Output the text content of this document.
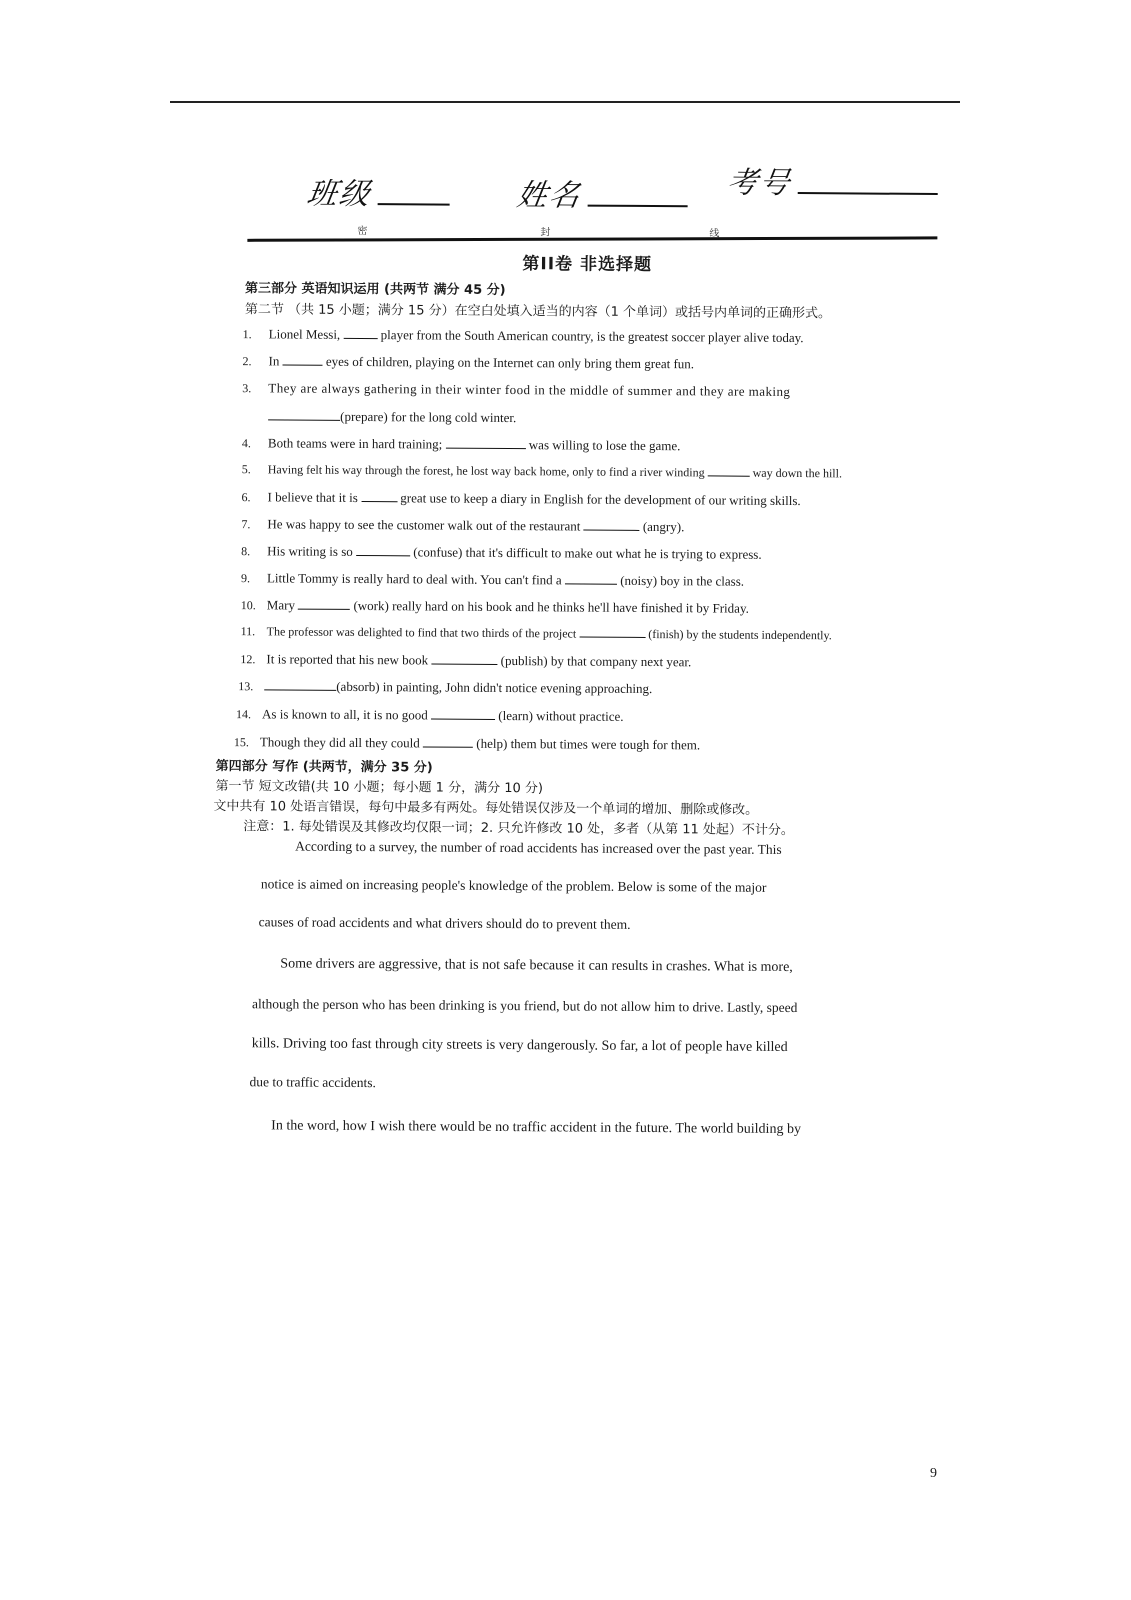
班级	姓名	考号
密	封	线
第II卷 非选择题
第三部分 英语知识运用 (共两节 满分 45 分)
第二节 （共 15 小题；满分 15 分）在空白处填入适当的内容（1 个单词）或括号内单词的正确形式。
1. Lionel Messi,	player from the South American country, is the greatest soccer player alive today.
2. In	eyes of children, playing on the Internet can only bring them great fun.
3. They are always gathering in their winter food in the middle of summer and they are making
(prepare) for the long cold winter.
4. Both teams were in hard training;	was willing to lose the game.
5. Having felt his way through the forest, he lost way back home, only to find a river winding	way down the hill.
6. I believe that it is	great use to keep a diary in English for the development of our writing skills.
7. He was happy to see the customer walk out of the restaurant	(angry).
8. His writing is so	(confuse) that it's difficult to make out what he is trying to express.
9. Little Tommy is really hard to deal with. You can't find a	(noisy) boy in the class.
10. Mary	(work) really hard on his book and he thinks he'll have finished it by Friday.
11. The professor was delighted to find that two thirds of the project	(finish) by the students independently.
12. It is reported that his new book	(publish) by that company next year.
13.	(absorb) in painting, John didn't notice evening approaching.
14. As is known to all, it is no good	(learn) without practice.
15. Though they did all they could	(help) them but times were tough for them.
第四部分 写作 (共两节，满分 35 分)
第一节 短文改错(共 10 小题；每小题 1 分，满分 10 分)
文中共有 10 处语言错误，每句中最多有两处。每处错误仅涉及一个单词的增加、删除或修改。
注意：1. 每处错误及其修改均仅限一词；2. 只允许修改 10 处，多者（从第 11 处起）不计分。
According to a survey, the number of road accidents has increased over the past year. This
notice is aimed on increasing people's knowledge of the problem. Below is some of the major
causes of road accidents and what drivers should do to prevent them.
Some drivers are aggressive, that is not safe because it can results in crashes. What is more,
although the person who has been drinking is you friend, but do not allow him to drive. Lastly, speed
kills. Driving too fast through city streets is very dangerously. So far, a lot of people have killed
due to traffic accidents.
In the word, how I wish there would be no traffic accident in the future. The world building by
9
